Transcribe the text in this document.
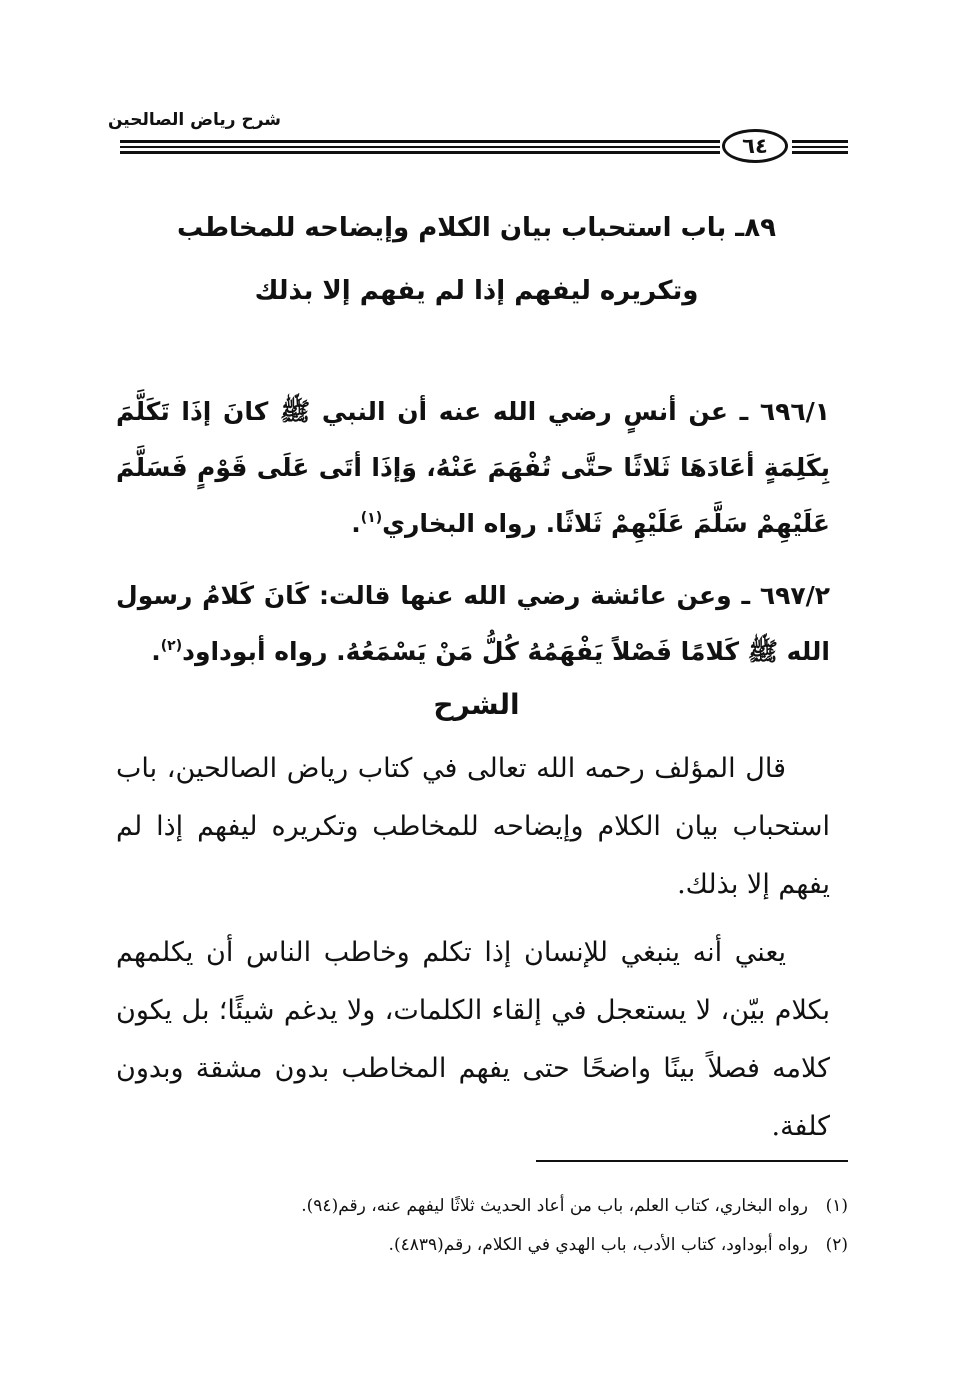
شرح رياض الصالحين
٦٤
٨٩ـ باب استحباب بيان الكلام وإيضاحه للمخاطب
وتكريره ليفهم إذا لم يفهم إلا بذلك
٦٩٦/١ ـ عن أنسٍ رضي الله عنه أن النبي ﷺ كانَ إذَا تَكَلَّمَ بِكَلِمَةٍ أعَادَهَا ثَلاثًا حتَّى تُفْهَمَ عَنْهُ، وَإذَا أتَى عَلَى قَوْمٍ فَسَلَّمَ عَلَيْهِمْ سَلَّمَ عَلَيْهِمْ ثَلاثًا. رواه البخاري$^{(١)}$.
٦٩٧/٢ ـ وعن عائشة رضي الله عنها قالت: كَانَ كَلامُ رسول الله ﷺ كَلامًا فَصْلاً يَفْهَمُهُ كُلُّ مَنْ يَسْمَعُهُ. رواه أبوداود$^{(٢)}$.
الشرح
قال المؤلف رحمه الله تعالى في كتاب رياض الصالحين، باب استحباب بيان الكلام وإيضاحه للمخاطب وتكريره ليفهم إذا لم يفهم إلا بذلك.
يعني أنه ينبغي للإنسان إذا تكلم وخاطب الناس أن يكلمهم بكلام بيّن، لا يستعجل في إلقاء الكلمات، ولا يدغم شيئًا؛ بل يكون كلامه فصلاً بينًا واضحًا حتى يفهم المخاطب بدون مشقة وبدون كلفة.
(١)رواه البخاري، كتاب العلم، باب من أعاد الحديث ثلاثًا ليفهم عنه، رقم(٩٤).
(٢)رواه أبوداود، كتاب الأدب، باب الهدي في الكلام، رقم(٤٨٣٩).
